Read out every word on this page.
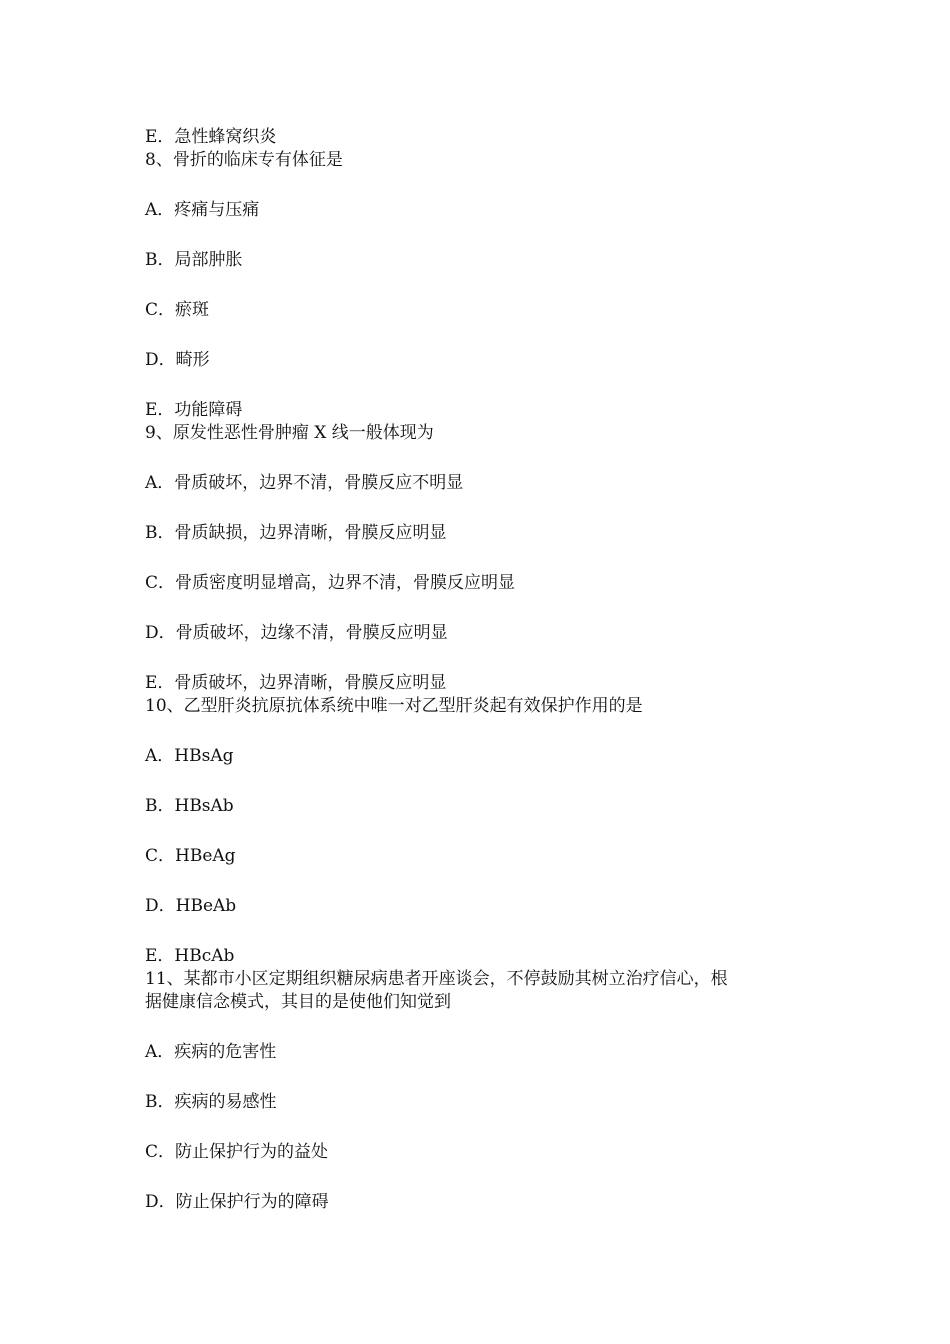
E．急性蜂窝织炎
8、骨折的临床专有体征是
A．疼痛与压痛
B．局部肿胀
C．瘀斑
D．畸形
E．功能障碍
9、原发性恶性骨肿瘤 X 线一般体现为
A．骨质破坏，边界不清，骨膜反应不明显
B．骨质缺损，边界清晰，骨膜反应明显
C．骨质密度明显增高，边界不清，骨膜反应明显
D．骨质破坏，边缘不清，骨膜反应明显
E．骨质破坏，边界清晰，骨膜反应明显
10、乙型肝炎抗原抗体系统中唯一对乙型肝炎起有效保护作用的是
A．HBsAg
B．HBsAb
C．HBeAg
D．HBeAb
E．HBcAb
11、某都市小区定期组织糖尿病患者开座谈会，不停鼓励其树立治疗信心，根
据健康信念模式，其目的是使他们知觉到
A．疾病的危害性
B．疾病的易感性
C．防止保护行为的益处
D．防止保护行为的障碍
